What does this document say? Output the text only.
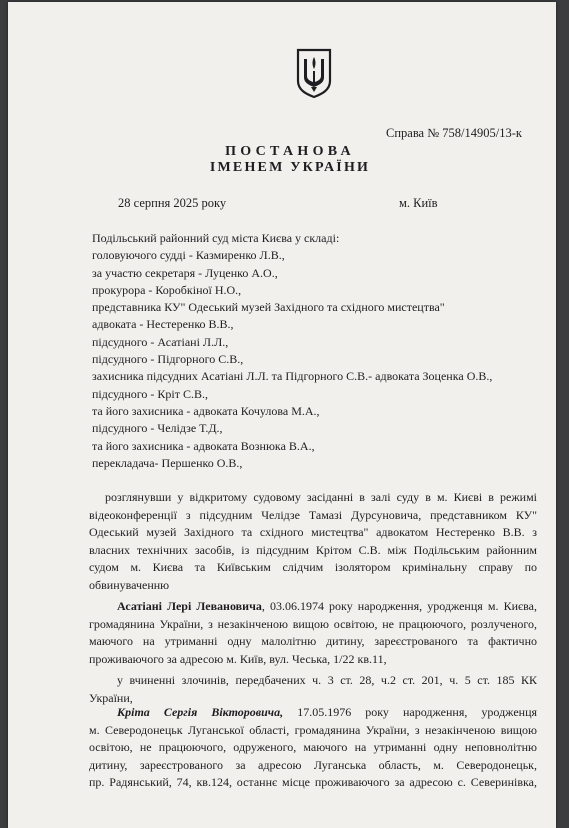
Справа № 758/14905/13-к
ПОСТАНОВА
ІМЕНЕМ УКРАЇНИ
28 серпня 2025 року	м. Київ
Подільський районний суд міста Києва у складі:
головуючого судді - Казмиренко Л.В.,
за участю секретаря - Луценко А.О.,
прокурора - Коробкіної Н.О.,
представника КУ" Одеський музей Західного та східного мистецтва"
адвоката - Нестеренко В.В.,
підсудного - Асатіані Л.Л.,
підсудного - Підгорного С.В.,
захисника підсудних Асатіані Л.Л. та Підгорного С.В.- адвоката Зоценка О.В.,
підсудного - Кріт С.В.,
та його захисника - адвоката Кочулова М.А.,
підсудного - Челідзе Т.Д.,
та його захисника - адвоката Вознюка В.А.,
перекладача- Першенко О.В.,
розглянувши у відкритому судовому засіданні в залі суду в м. Києві в режимі
відеоконференції з підсудним Челідзе Тамазі Дурсуновича, представником КУ"
Одеський музей Західного та східного мистецтва" адвокатом Нестеренко В.В. з
власних технічних засобів, із підсудним Крітом С.В. між Подільським районним
судом м. Києва та Київським слідчим ізолятором кримінальну справу по
обвинуваченню
Асатіані Лері Левановича, 03.06.1974 року народження, уродженця м. Києва,
громадянина України, з незакінченою вищою освітою, не працюючого, розлученого,
маючого на утриманні одну малолітню дитину, зареєстрованого та фактично
проживаючого за адресою м. Київ, вул. Чеська, 1/22 кв.11,
у вчиненні злочинів, передбачених ч. 3 ст. 28, ч.2 ст. 201, ч. 5 ст. 185 КК
України,
Кріта Сергія Вікторовича, 17.05.1976 року народження, уродженця
м. Северодонецьк Луганської області, громадянина України, з незакінченою вищою
освітою, не працюючого, одруженого, маючого на утриманні одну неповнолітню
дитину, зареєстрованого за адресою Луганська область, м. Северодонецьк,
пр. Радянський, 74, кв.124, останнє місце проживаючого за адресою с. Северинівка,
